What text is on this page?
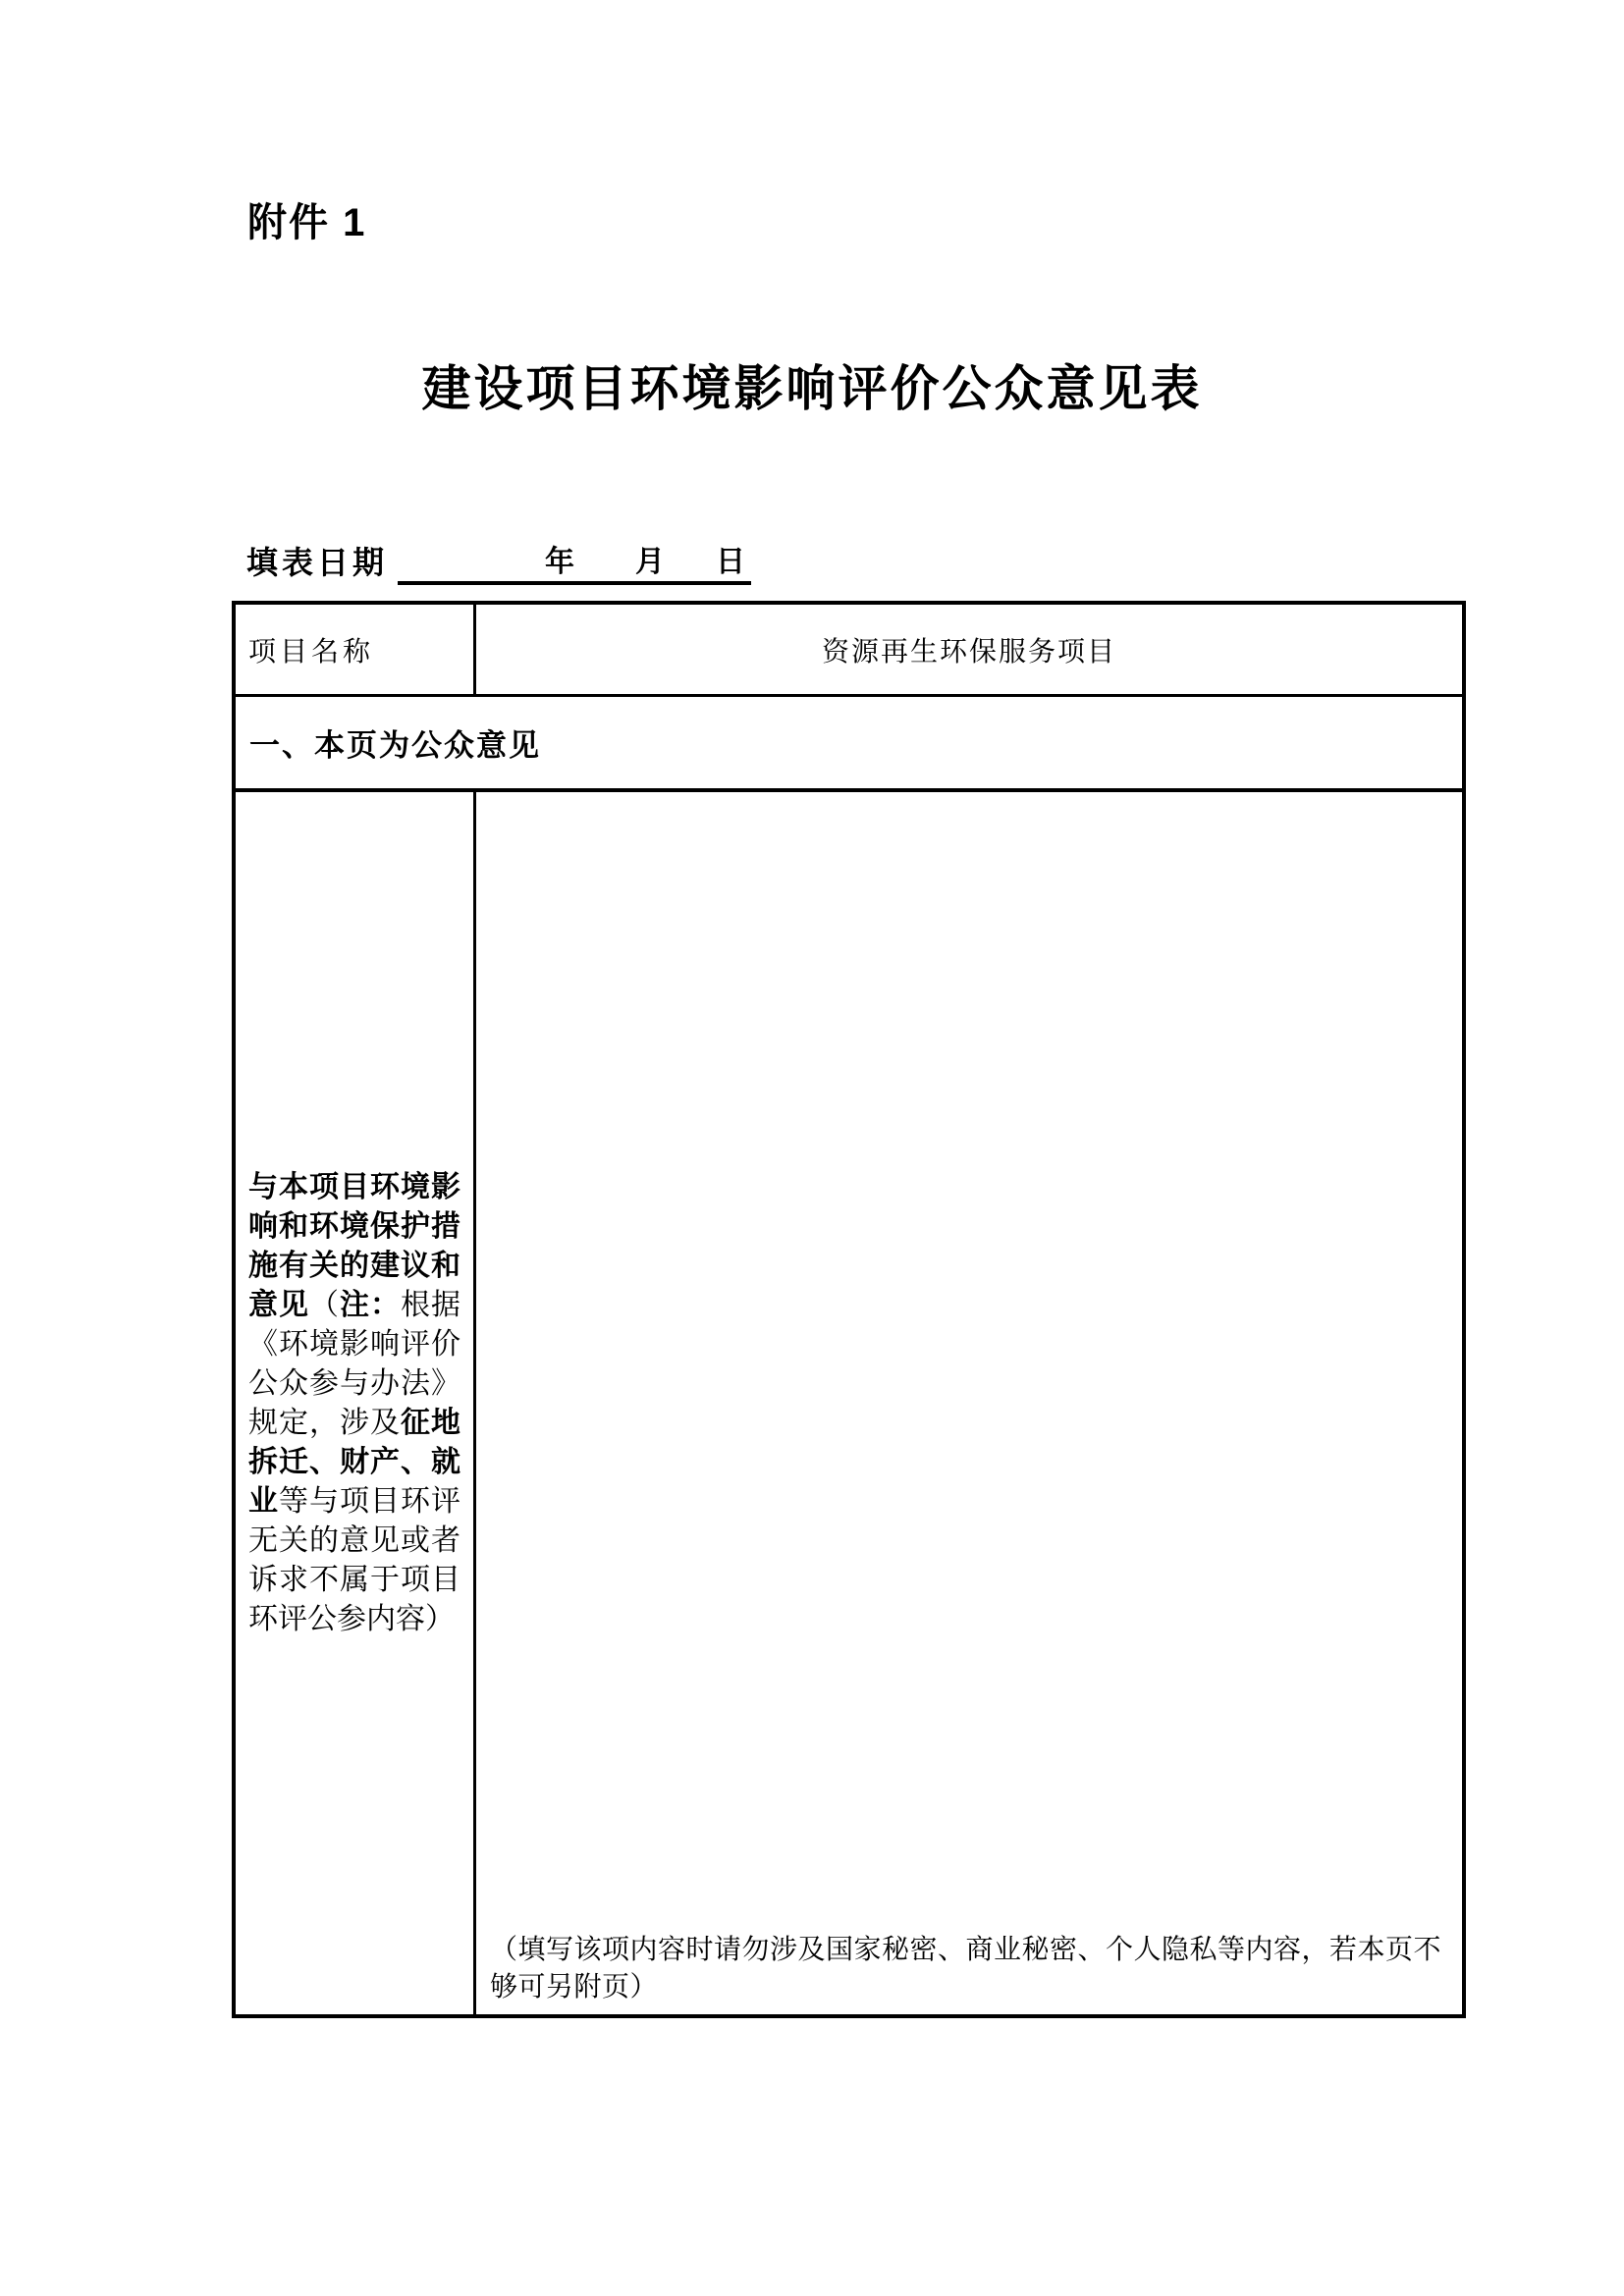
附件 1
建设项目环境影响评价公众意见表
填表日期	年 月 日
项目名称	资源再生环保服务项目
一、本页为公众意见
与本项目环境影响和环境保护措施有关的建议和意见（注：根据《环境影响评价公众参与办法》规定，涉及征地拆迁、财产、就业等与项目环评无关的意见或者诉求不属于项目环评公参内容）
（填写该项内容时请勿涉及国家秘密、商业秘密、个人隐私等内容，若本页不够可另附页）
